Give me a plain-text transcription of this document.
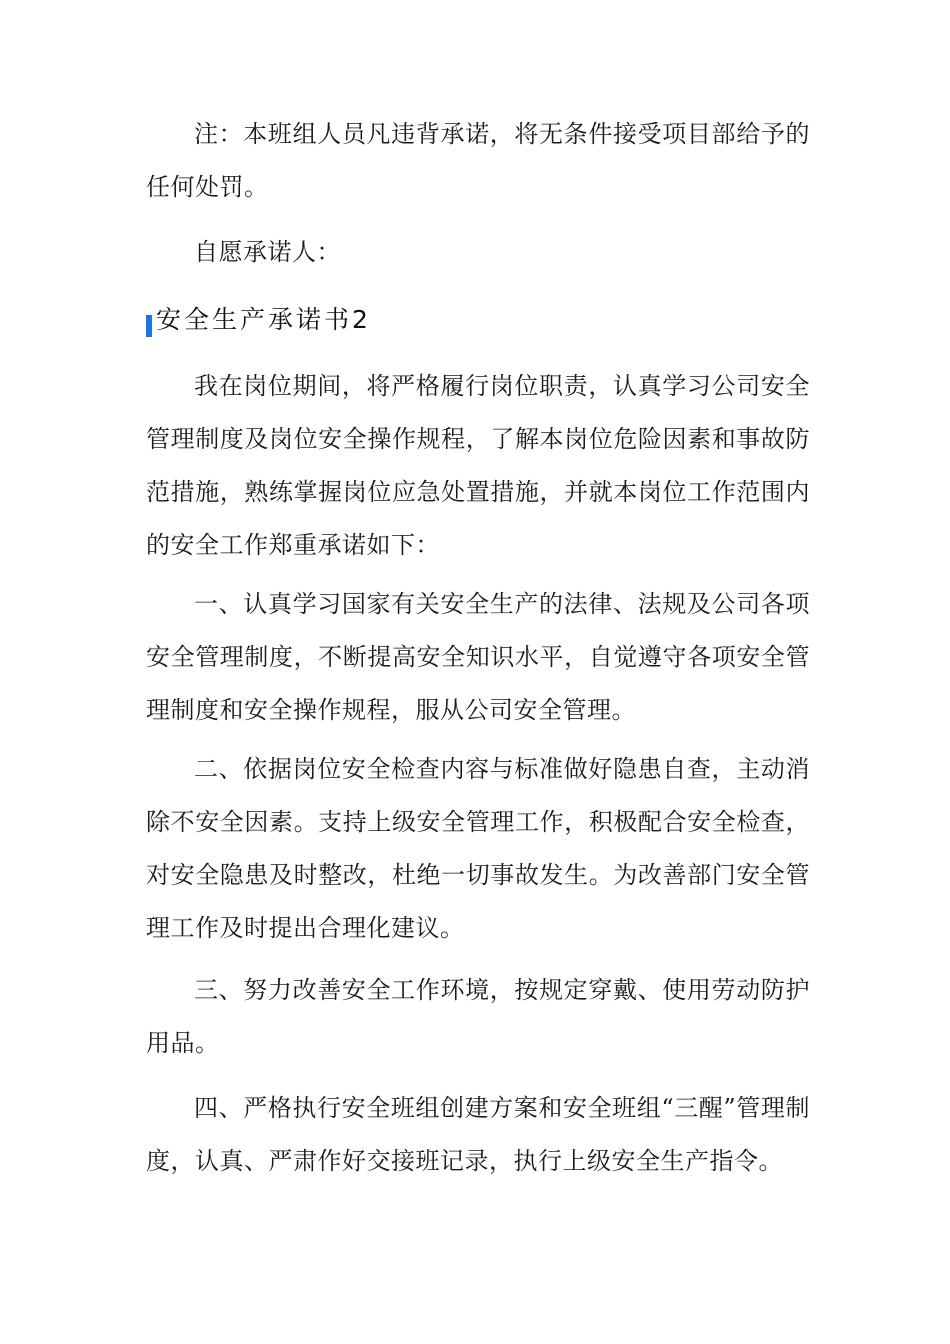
注：本班组人员凡违背承诺，将无条件接受项目部给予的任何处罚。

自愿承诺人：

安全生产承诺书2

我在岗位期间，将严格履行岗位职责，认真学习公司安全管理制度及岗位安全操作规程，了解本岗位危险因素和事故防范措施，熟练掌握岗位应急处置措施，并就本岗位工作范围内的安全工作郑重承诺如下：

一、认真学习国家有关安全生产的法律、法规及公司各项安全管理制度，不断提高安全知识水平，自觉遵守各项安全管理制度和安全操作规程，服从公司安全管理。

二、依据岗位安全检查内容与标准做好隐患自查，主动消除不安全因素。支持上级安全管理工作，积极配合安全检查，对安全隐患及时整改，杜绝一切事故发生。为改善部门安全管理工作及时提出合理化建议。

三、努力改善安全工作环境，按规定穿戴、使用劳动防护用品。

四、严格执行安全班组创建方案和安全班组“三醒”管理制度，认真、严肃作好交接班记录，执行上级安全生产指令。
